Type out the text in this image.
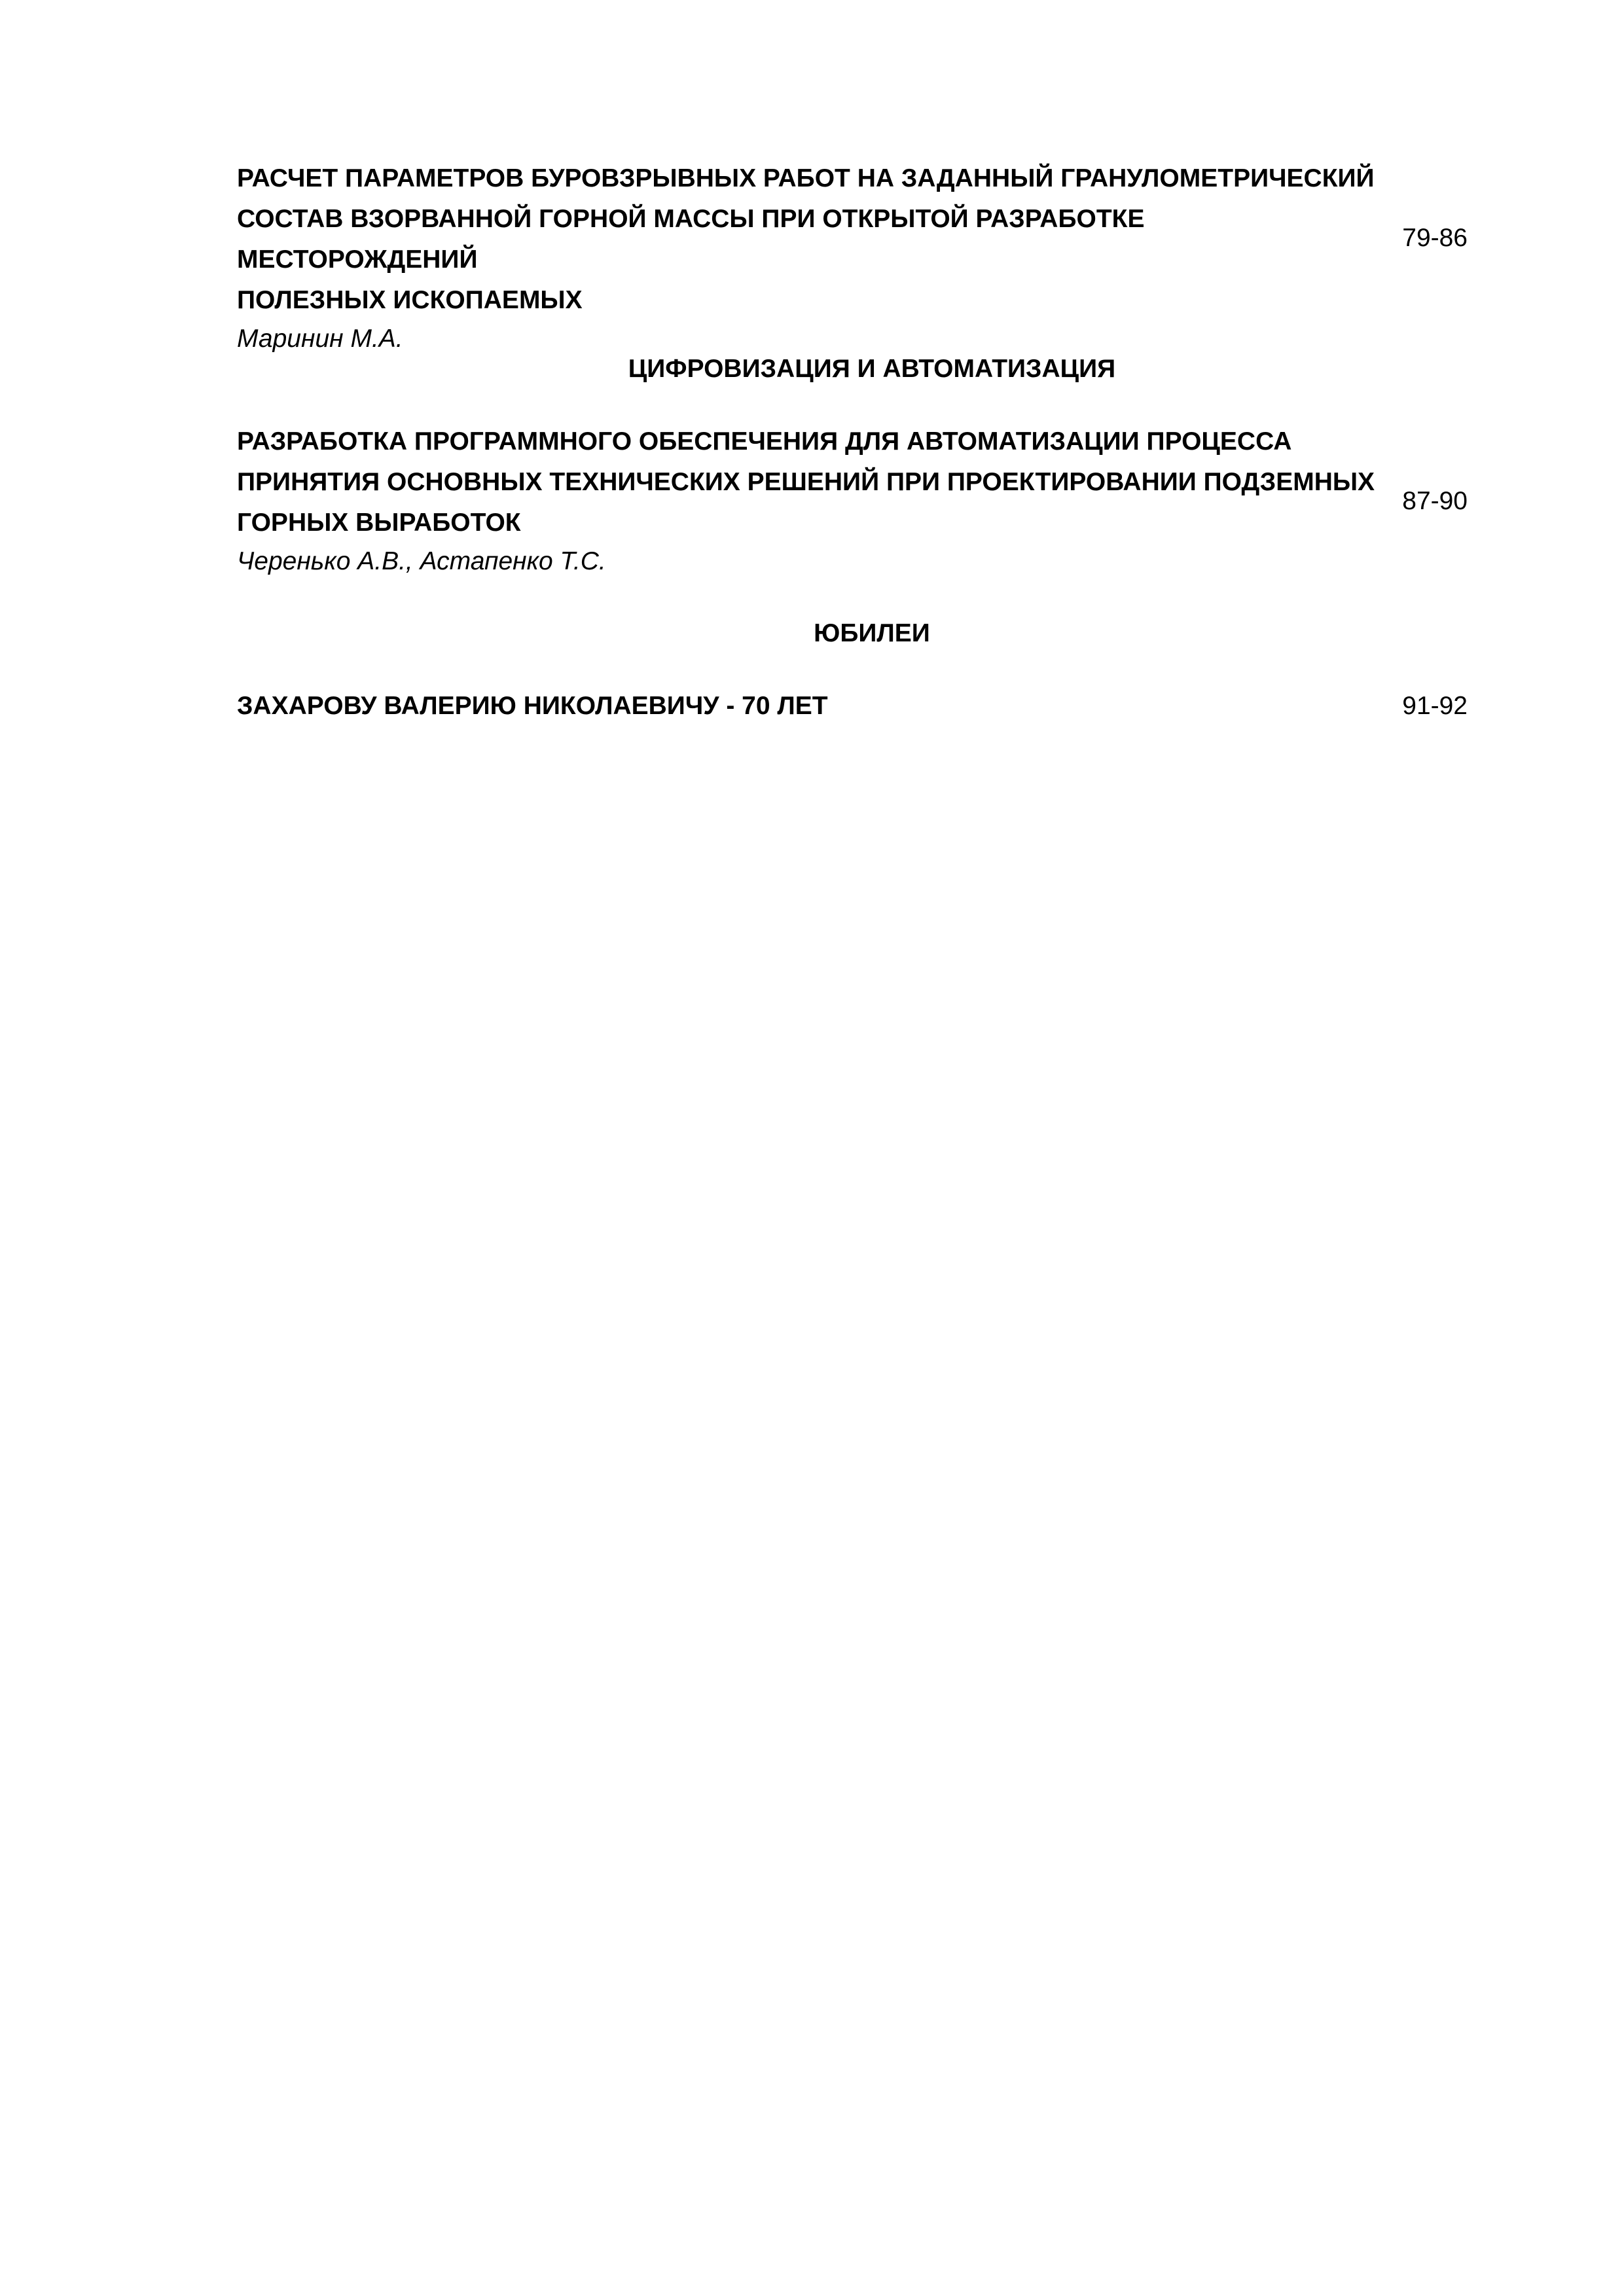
РАСЧЕТ ПАРАМЕТРОВ БУРОВЗРЫВНЫХ РАБОТ НА ЗАДАННЫЙ ГРАНУЛОМЕТРИЧЕСКИЙ
СОСТАВ ВЗОРВАННОЙ ГОРНОЙ МАССЫ ПРИ ОТКРЫТОЙ РАЗРАБОТКЕ МЕСТОРОЖДЕНИЙ
ПОЛЕЗНЫХ ИСКОПАЕМЫХ

Маринин М.А.

79-86

ЦИФРОВИЗАЦИЯ И АВТОМАТИЗАЦИЯ

РАЗРАБОТКА ПРОГРАММНОГО ОБЕСПЕЧЕНИЯ ДЛЯ АВТОМАТИЗАЦИИ ПРОЦЕССА
ПРИНЯТИЯ ОСНОВНЫХ ТЕХНИЧЕСКИХ РЕШЕНИЙ ПРИ ПРОЕКТИРОВАНИИ ПОДЗЕМНЫХ
ГОРНЫХ ВЫРАБОТОК

Черенько А.В., Астапенко Т.С.

87-90

ЮБИЛЕИ

ЗАХАРОВУ ВАЛЕРИЮ НИКОЛАЕВИЧУ - 70 ЛЕТ	91-92
